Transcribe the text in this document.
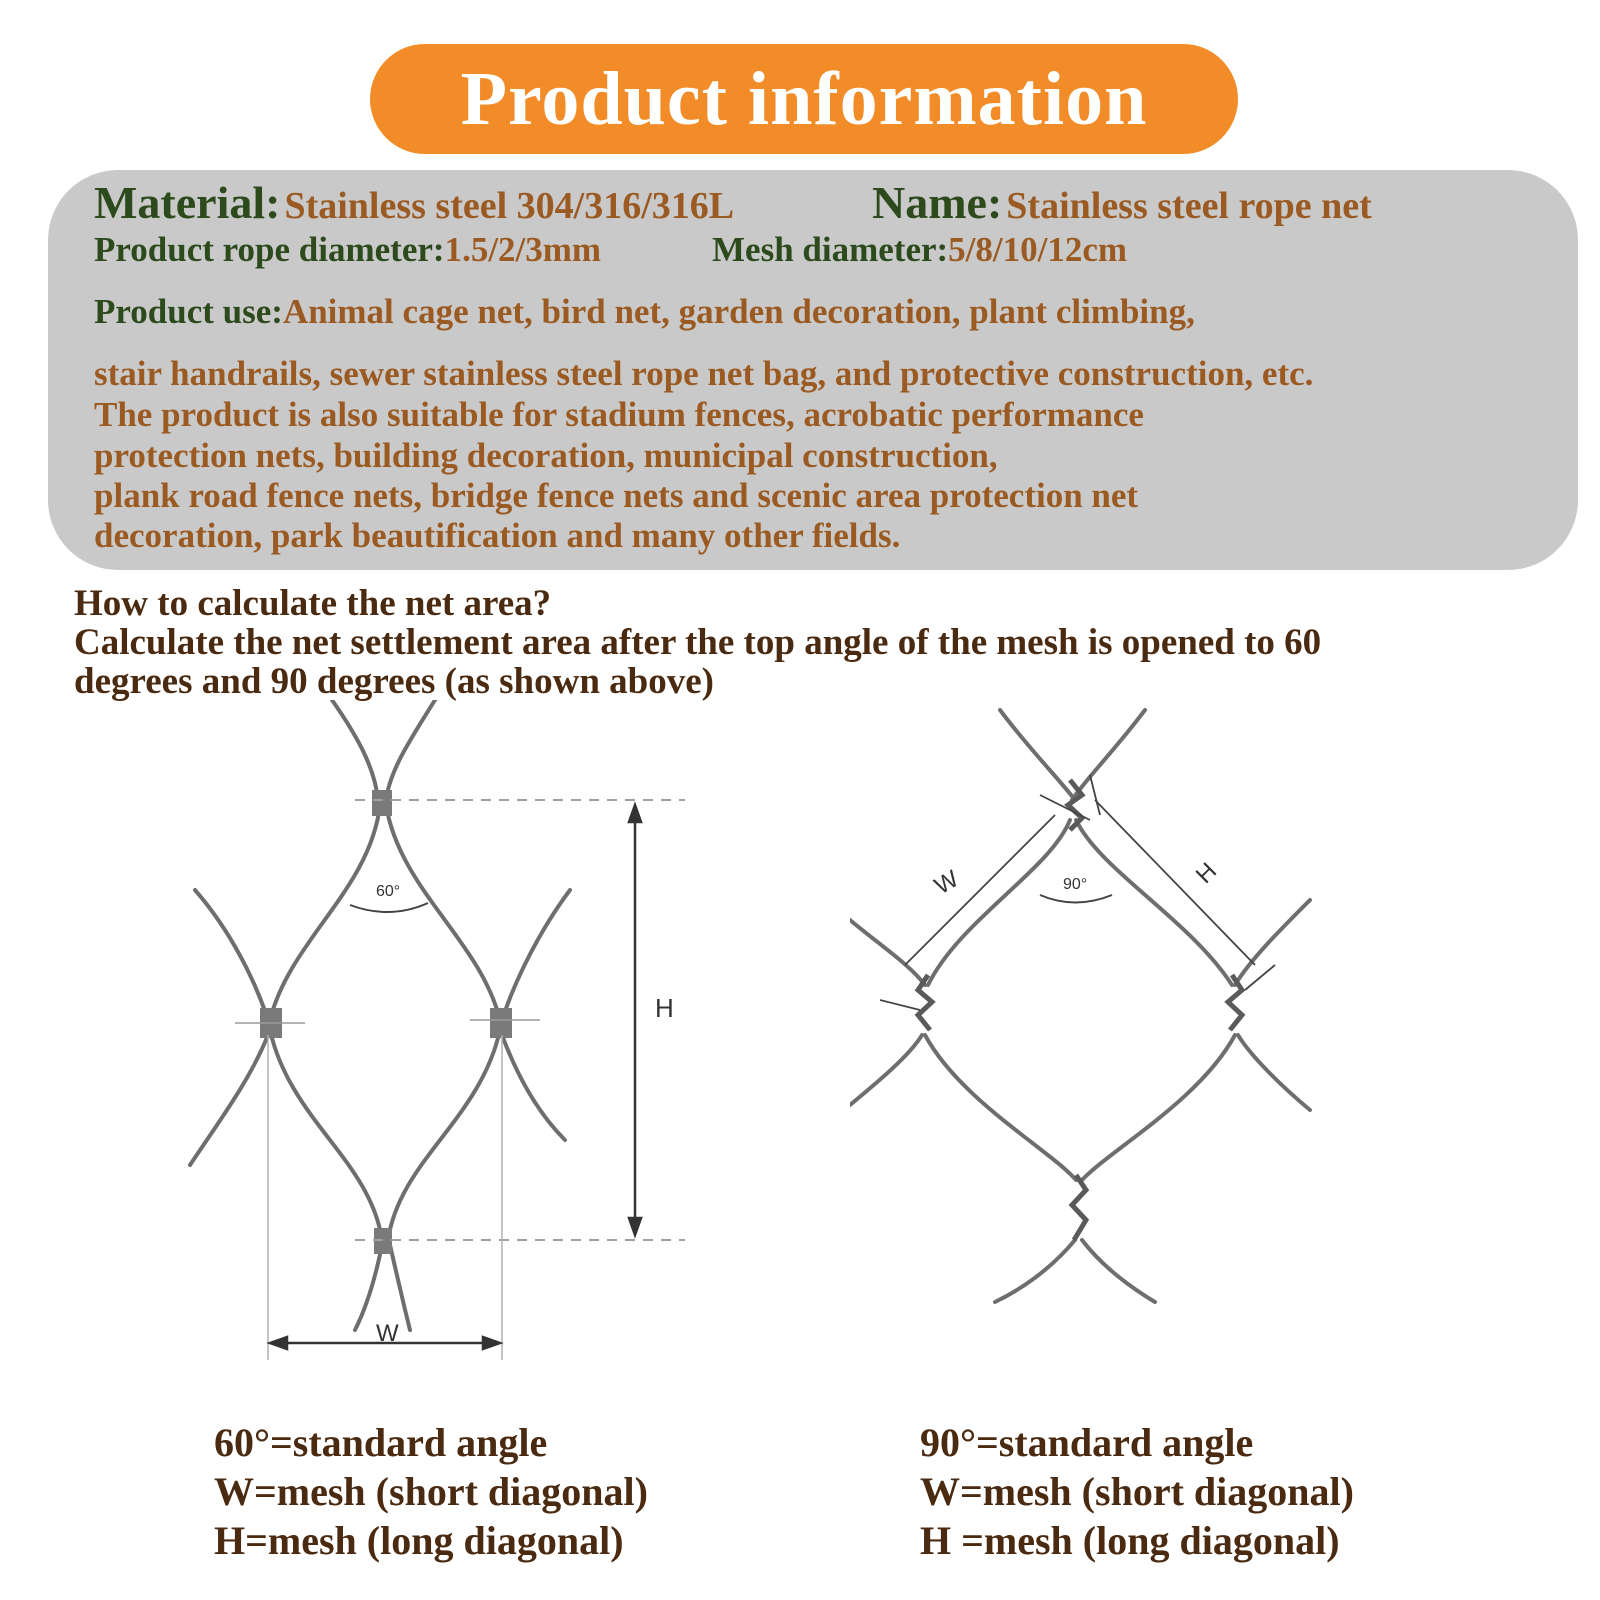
Product information
Material: Stainless steel 304/316/316L	Name: Stainless steel rope net
Product rope diameter:1.5/2/3mm	Mesh diameter:5/8/10/12cm
Product use:Animal cage net, bird net, garden decoration, plant climbing,
stair handrails, sewer stainless steel rope net bag, and protective construction, etc.
The product is also suitable for stadium fences, acrobatic performance
protection nets, building decoration, municipal construction,
plank road fence nets, bridge fence nets and scenic area protection net
decoration, park beautification and many other fields.
How to calculate the net area?
Calculate the net settlement area after the top angle of the mesh is opened to 60
degrees and 90 degrees (as shown above)
60°
H
W
90°
W	H
60°=standard angle
W=mesh (short diagonal)
H=mesh (long diagonal)
90°=standard angle
W=mesh (short diagonal)
H =mesh (long diagonal)
